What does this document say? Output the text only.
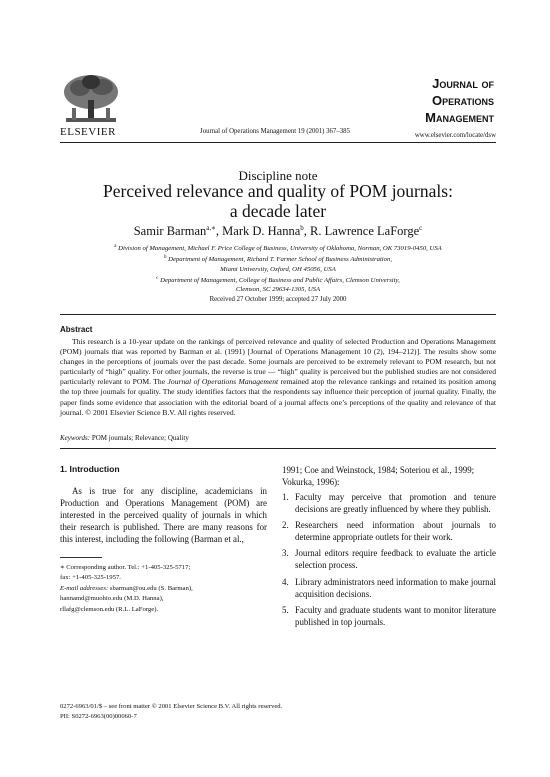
ELSEVIER	Journal of Operations Management 19 (2001) 367–385
Journal of
Operations
Management
www.elsevier.com/locate/dsw
Discipline note
Perceived relevance and quality of POM journals:
a decade later
Samir Barman$^{a,∗}$, Mark D. Hanna$^b$, R. Lawrence LaForge$^c$
$^a$ Division of Management, Michael F. Price College of Business, University of Oklahoma, Norman, OK 73019-0450, USA
$^b$ Department of Management, Richard T. Farmer School of Business Administration,
Miami University, Oxford, OH 45056, USA
$^c$ Department of Management, College of Business and Public Affairs, Clemson University,
Clemson, SC 29634-1305, USA
Received 27 October 1999; accepted 27 July 2000
Abstract
This research is a 10-year update on the rankings of perceived relevance and quality of selected Production and Operations Management (POM) journals that was reported by Barman et al. (1991) [Journal of Operations Management 10 (2), 194–212)]. The results show some changes in the perceptions of journals over the past decade. Some journals are perceived to be extremely relevant to POM research, but not particularly of “high” quality. For other journals, the reverse is true — “high” quality is perceived but the published studies are not considered particularly relevant to POM. The Journal of Operations Management remained atop the relevance rankings and retained its position among the top three journals for quality. The study identifies factors that the respondents say influence their perception of journal quality. Finally, the paper finds some evidence that association with the editorial board of a journal affects one’s perceptions of the quality and relevance of that journal. © 2001 Elsevier Science B.V. All rights reserved.
Keywords: POM journals; Relevance; Quality
1. Introduction
As is true for any discipline, academicians in Production and Operations Management (POM) are interested in the perceived quality of journals in which their research is published. There are many reasons for this interest, including the following (Barman et al.,
∗ Corresponding author. Tel.: +1-405-325-5717;
fax: +1-405-325-1957.
E-mail addresses: sbarman@ou.edu (S. Barman),
hannamd@muohio.edu (M.D. Hanna),
rllafg@clemson.edu (R.L. LaForge).
1991; Coe and Weinstock, 1984; Soteriou et al., 1999; Vokurka, 1996):
1. Faculty may perceive that promotion and tenure decisions are greatly influenced by where they publish.
2. Researchers need information about journals to determine appropriate outlets for their work.
3. Journal editors require feedback to evaluate the article selection process.
4. Library administrators need information to make journal acquisition decisions.
5. Faculty and graduate students want to monitor literature published in top journals.
0272-6963/01/$ – see front matter © 2001 Elsevier Science B.V. All rights reserved.
PII: S0272-6963(00)00060-7
